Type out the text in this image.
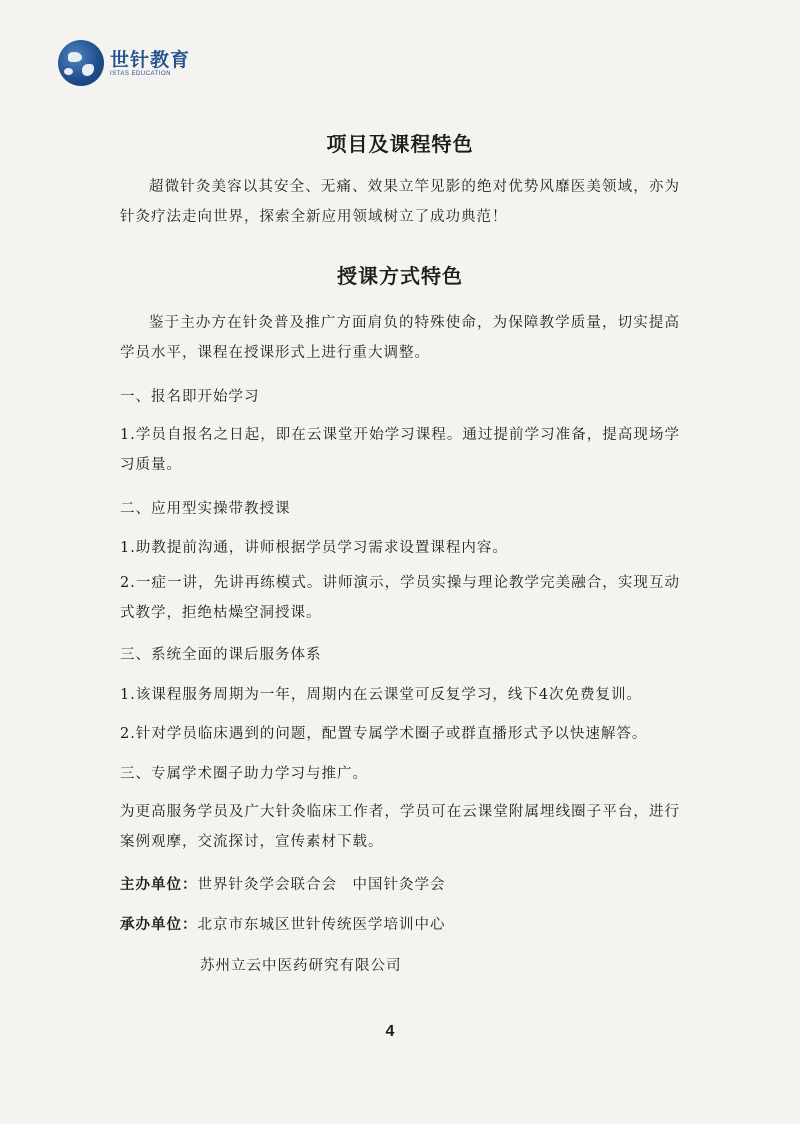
世针教育
ISTAS EDUCATION
项目及课程特色
超微针灸美容以其安全、无痛、效果立竿见影的绝对优势风靡医美领域，亦为针灸疗法走向世界，探索全新应用领域树立了成功典范！
授课方式特色
鉴于主办方在针灸普及推广方面肩负的特殊使命，为保障教学质量，切实提高学员水平，课程在授课形式上进行重大调整。
一、报名即开始学习
1.学员自报名之日起，即在云课堂开始学习课程。通过提前学习准备，提高现场学习质量。
二、应用型实操带教授课
1.助教提前沟通，讲师根据学员学习需求设置课程内容。
2.一症一讲，先讲再练模式。讲师演示，学员实操与理论教学完美融合，实现互动式教学，拒绝枯燥空洞授课。
三、系统全面的课后服务体系
1.该课程服务周期为一年，周期内在云课堂可反复学习，线下4次免费复训。
2.针对学员临床遇到的问题，配置专属学术圈子或群直播形式予以快速解答。
三、专属学术圈子助力学习与推广。
为更高服务学员及广大针灸临床工作者，学员可在云课堂附属埋线圈子平台，进行案例观摩，交流探讨，宣传素材下载。
主办单位：世界针灸学会联合会　中国针灸学会
承办单位：北京市东城区世针传统医学培训中心
苏州立云中医药研究有限公司
4
